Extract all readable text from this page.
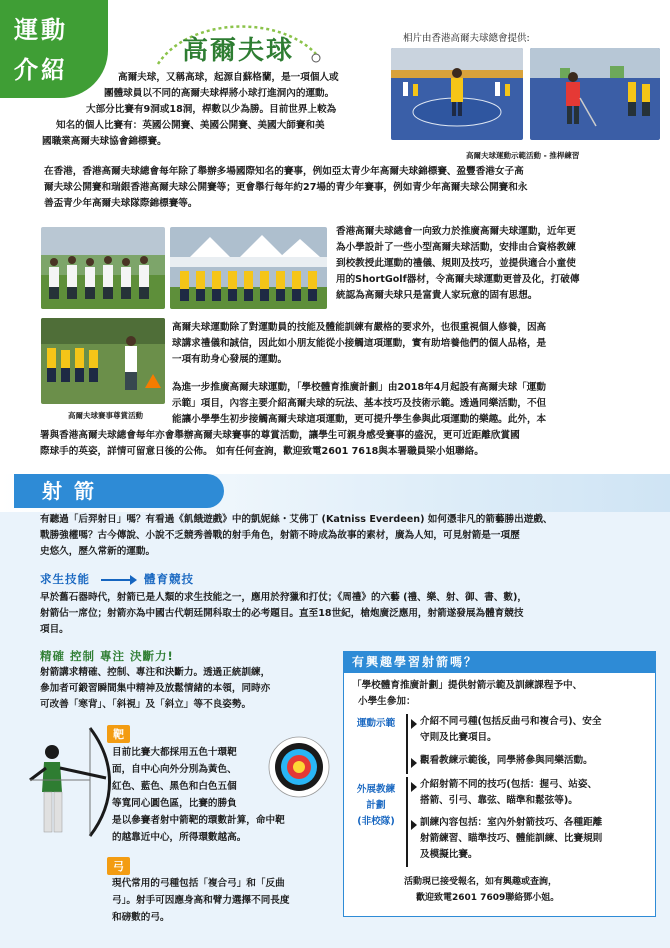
運動
介紹
高爾夫球	相片由香港高爾夫球總會提供:
高爾夫球運動示範活動 - 推桿練習
高爾夫球，又稱高球，起源自蘇格蘭，是一項個人或
團體球員以不同的高爾夫球桿將小球打進洞內的運動。
大部分比賽有9洞或18洞，桿數以少為勝。目前世界上較為
知名的個人比賽有：英國公開賽、美國公開賽、美國大師賽和美
國職業高爾夫球協會錦標賽。
在香港，香港高爾夫球總會每年除了舉辦多場國際知名的賽事，例如亞太青少年高爾夫球錦標賽、盈豐香港女子高
爾夫球公開賽和瑞銀香港高爾夫球公開賽等；更會舉行每年約27場的青少年賽事，例如青少年高爾夫球公開賽和永
善盃青少年高爾夫球隊際錦標賽等。
香港高爾夫球總會一向致力於推廣高爾夫球運動，近年更
為小學設計了一些小型高爾夫球活動，安排由合資格教練
到校教授此運動的禮儀、規則及技巧，並提供適合小童使
用的ShortGolf器材，令高爾夫球運動更普及化，打破傳
統認為高爾夫球只是富貴人家玩意的固有思想。
高爾夫球賽事尊賞活動
高爾夫球運動除了對運動員的技能及體能訓練有嚴格的要求外，也很重視個人修養，因高
球講求禮儀和誠信，因此如小朋友能從小接觸這項運動，實有助培養他們的個人品格，是
一項有助身心發展的運動。
為進一步推廣高爾夫球運動，「學校體育推廣計劃」由2018年4月起設有高爾夫球「運動
示範」項目，內容主要介紹高爾夫球的玩法、基本技巧及技術示範。透過同樂活動，不但
能讓小學學生初步接觸高爾夫球這項運動，更可提升學生參與此項運動的樂趣。此外，本
署與香港高爾夫球總會每年亦會舉辦高爾夫球賽事的尊賞活動，讓學生可親身感受賽事的盛況，更可近距離欣賞國
際球手的英姿，詳情可留意日後的公佈。 如有任何查詢，歡迎致電2601 7618與本署職員梁小姐聯絡。
射箭
有聽過「后羿射日」嗎？有看過《飢餓遊戲》中的凱妮絲・艾佛丁 (Katniss Everdeen) 如何憑非凡的箭藝勝出遊戲、
戰勝強權嗎？古今傳說、小說不乏競秀善戰的射手角色，射箭不時成為故事的素材，廣為人知，可見射箭是一項歷
史悠久，歷久常新的運動。
求生技能	體育競技
早於舊石器時代，射箭已是人類的求生技能之一，應用於狩獵和打仗；《周禮》的六藝 (禮、樂、射、御、書、數)，
射箭佔一席位；射箭亦為中國古代朝廷開科取士的必考題目。直至18世紀，槍炮廣泛應用，射箭遂發展為體育競技
項目。
精確 控制 專注 決斷力!
射箭講求精確、控制、專注和決斷力。透過正統訓練，
參加者可鍛習瞬間集中精神及放鬆情緒的本領，同時亦
可改善「寒背」、「斜視」及「斜立」等不良姿勢。
靶
目前比賽大都採用五色十環靶
面，自中心向外分別為黃色、
紅色、藍色、黑色和白色五個
等寬同心圓色區，比賽的勝負
是以參賽者射中箭靶的環數計算，命中靶
的越靠近中心，所得環數越高。
弓
現代常用的弓種包括「複合弓」和「反曲
弓」。射手可因應身高和臂力選擇不同長度
和磅數的弓。
有興趣學習射箭嗎？
「學校體育推廣計劃」提供射箭示範及訓練課程予中、
小學生參加：
運動示範	介紹不同弓種(包括反曲弓和複合弓)、安全
守則及比賽項目。
觀看教練示範後，同學將參與同樂活動。
外展教練
計劃
(非校隊)
介紹射箭不同的技巧(包括：握弓、站姿、
搭箭、引弓、靠弦、瞄準和鬆弦等)。
訓練內容包括：室內外射箭技巧、各種距離
射箭練習、瞄準技巧、體能訓練、比賽規則
及模擬比賽。
活動現已接受報名，如有興趣或查詢，
歡迎致電2601 7609聯絡鄧小姐。
